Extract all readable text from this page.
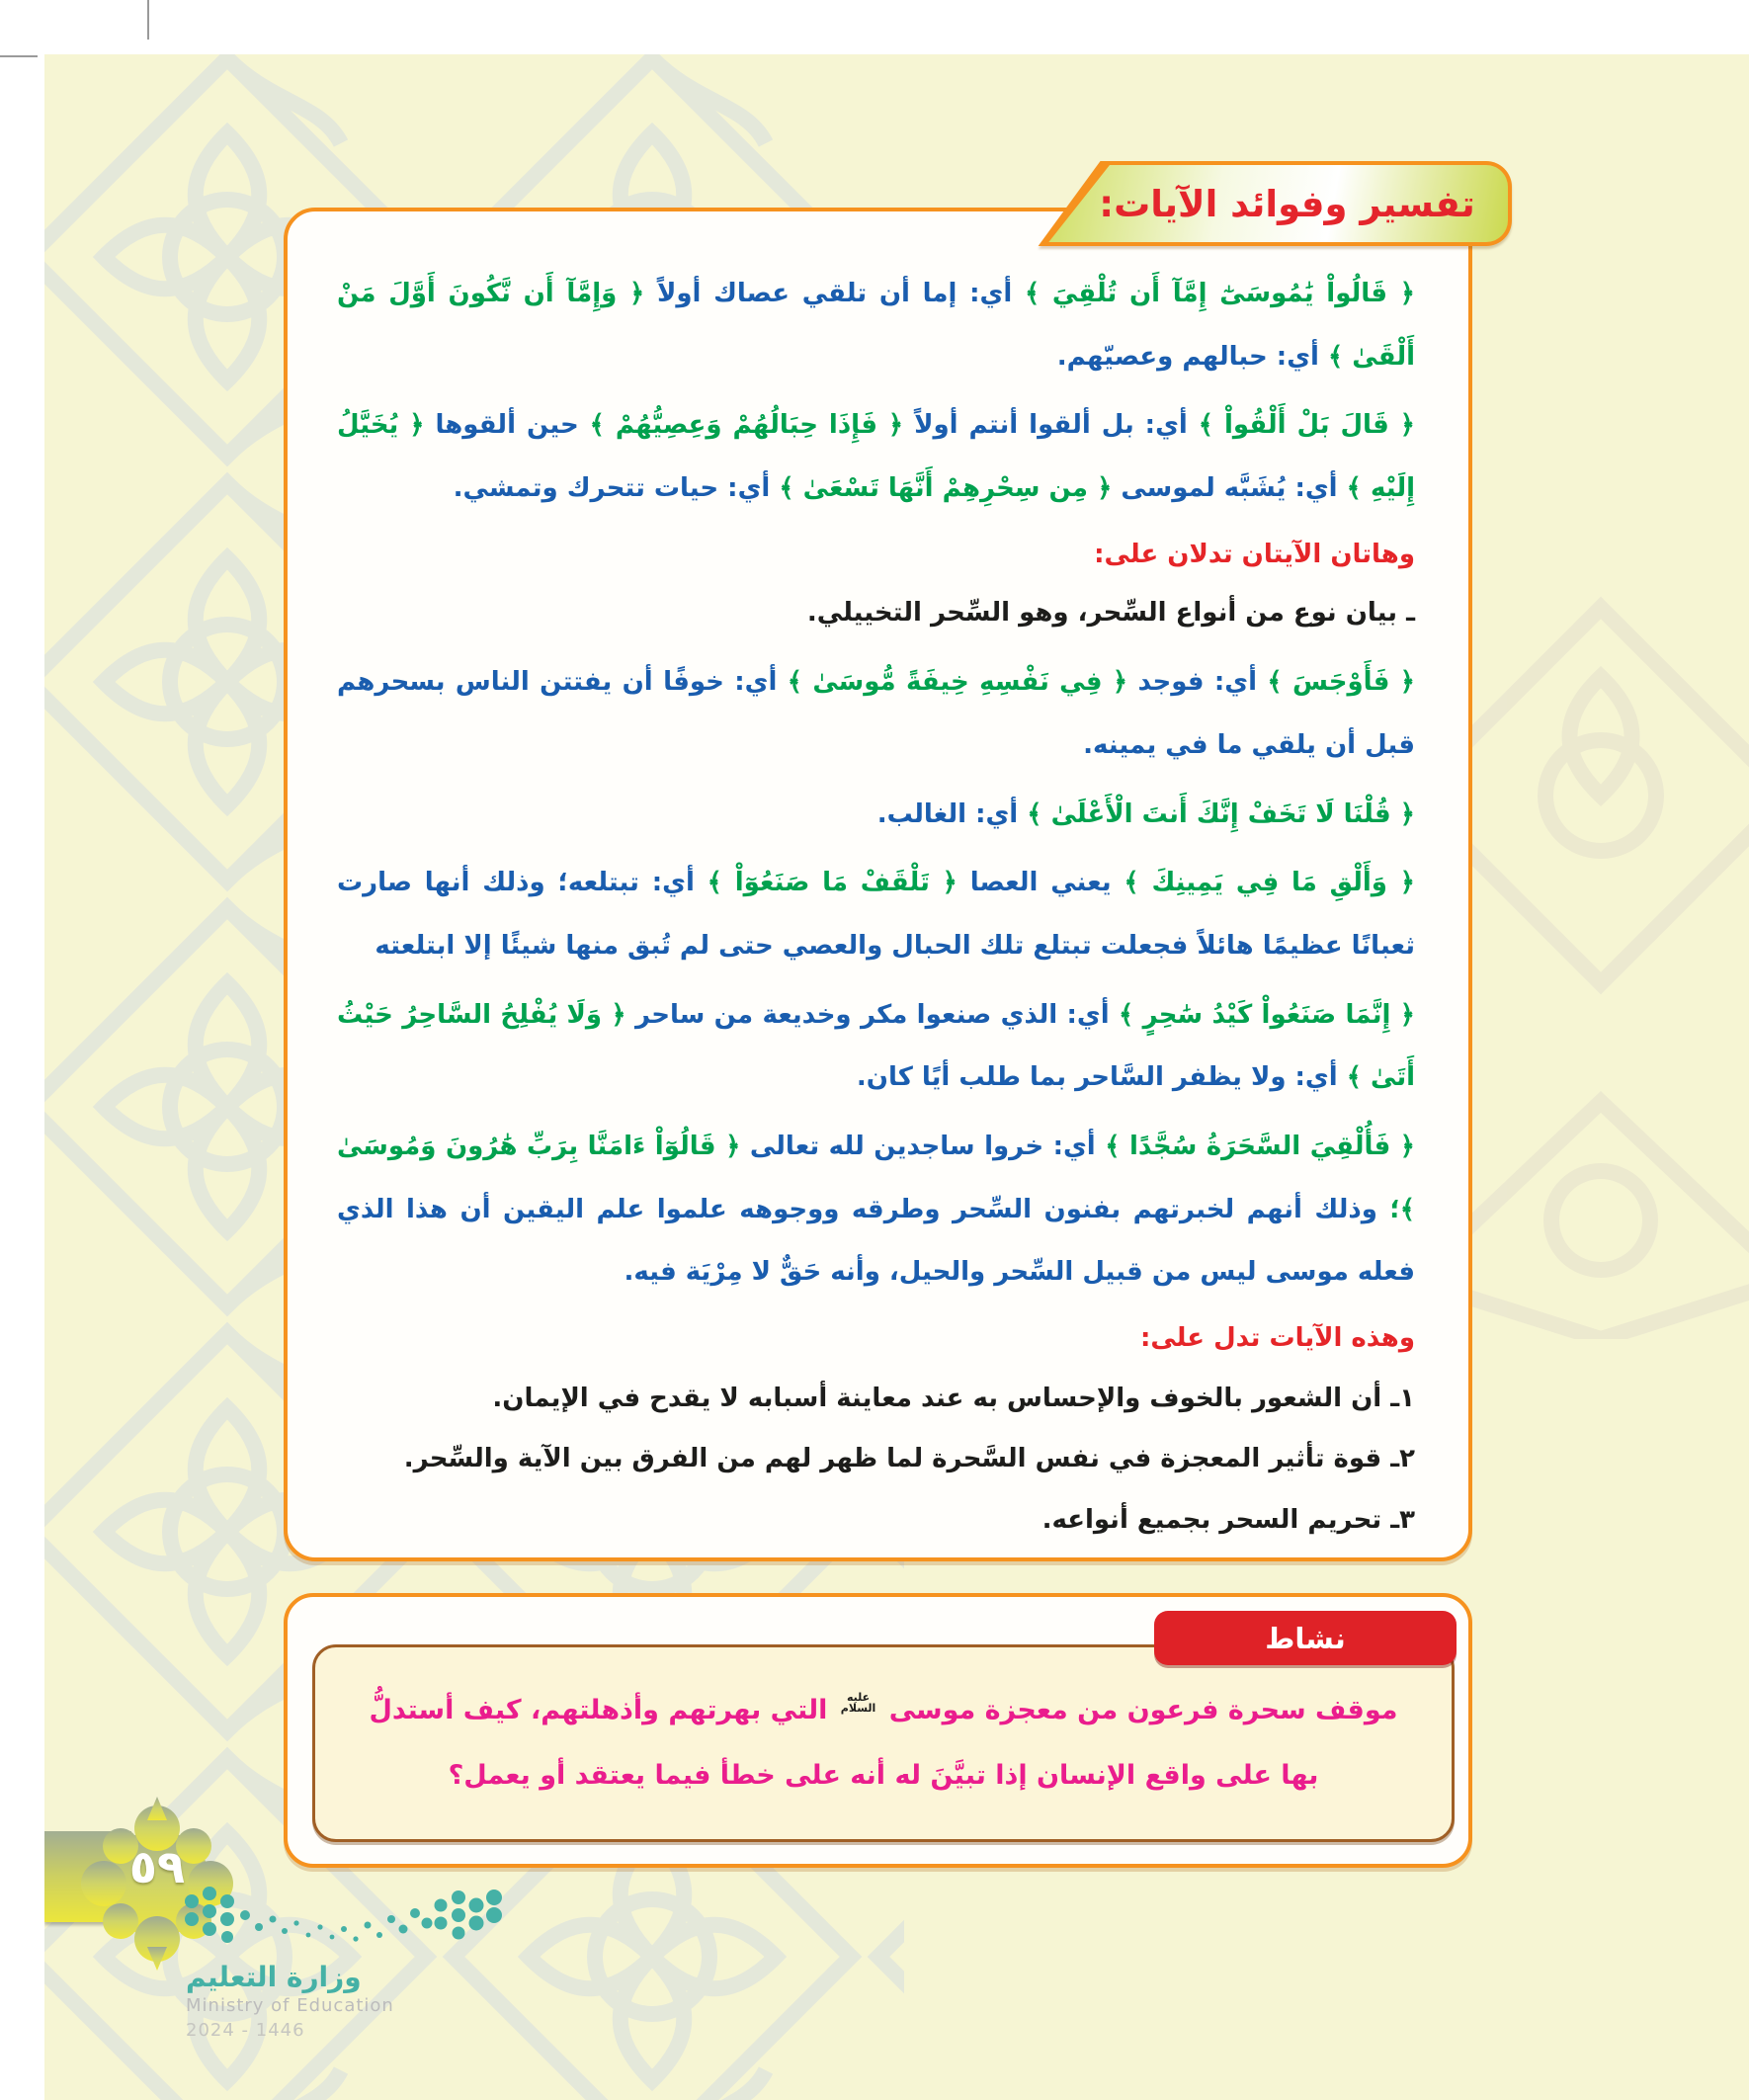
﴿ قَالُواْ يَٰمُوسَىٰٓ إِمَّآ أَن تُلْقِيَ ﴾ أي: إما أن تلقي عصاك أولاً ﴿ وَإِمَّآ أَن نَّكُونَ أَوَّلَ مَنْ أَلْقَىٰ ﴾ أي: حبالهم وعصيّهم.

﴿ قَالَ بَلْ أَلْقُواْ ﴾ أي: بل ألقوا أنتم أولاً ﴿ فَإِذَا حِبَالُهُمْ وَعِصِيُّهُمْ ﴾ حين ألقوها ﴿ يُخَيَّلُ إِلَيْهِ ﴾ أي: يُشَبَّه لموسى ﴿ مِن سِحْرِهِمْ أَنَّهَا تَسْعَىٰ ﴾ أي: حيات تتحرك وتمشي.

وهاتان الآيتان تدلان على:

ـ بيان نوع من أنواع السِّحر، وهو السِّحر التخييلي.

﴿ فَأَوْجَسَ ﴾ أي: فوجد ﴿ فِي نَفْسِهِ خِيفَةً مُّوسَىٰ ﴾ أي: خوفًا أن يفتتن الناس بسحرهم قبل أن يلقي ما في يمينه.

﴿ قُلْنَا لَا تَخَفْ إِنَّكَ أَنتَ الْأَعْلَىٰ ﴾ أي: الغالب.

﴿ وَأَلْقِ مَا فِي يَمِينِكَ ﴾ يعني العصا ﴿ تَلْقَفْ مَا صَنَعُوٓاْ ﴾ أي: تبتلعه؛ وذلك أنها صارت ثعبانًا عظيمًا هائلاً فجعلت تبتلع تلك الحبال والعصي حتى لم تُبق منها شيئًا إلا ابتلعته

﴿ إِنَّمَا صَنَعُواْ كَيْدُ سَٰحِرٍ ﴾ أي: الذي صنعوا مكر وخديعة من ساحر ﴿ وَلَا يُفْلِحُ السَّاحِرُ حَيْثُ أَتَىٰ ﴾ أي: ولا يظفر السَّاحر بما طلب أيًا كان.

﴿ فَأُلْقِيَ السَّحَرَةُ سُجَّدًا ﴾ أي: خروا ساجدين لله تعالى ﴿ قَالُوٓاْ ءَامَنَّا بِرَبِّ هَٰرُونَ وَمُوسَىٰ ﴾؛ وذلك أنهم لخبرتهم بفنون السِّحر وطرقه ووجوهه علموا علم اليقين أن هذا الذي فعله موسى ليس من قبيل السِّحر والحيل، وأنه حَقٌّ لا مِرْيَة فيه.

وهذه الآيات تدل على:

١ـ أن الشعور بالخوف والإحساس به عند معاينة أسبابه لا يقدح في الإيمان.

٢ـ قوة تأثير المعجزة في نفس السَّحرة لما ظهر لهم من الفرق بين الآية والسِّحر.

٣ـ تحريم السحر بجميع أنواعه.

تفسير وفوائد الآيات:

موقف سحرة فرعون من معجزة موسى
عليه
السلام
التي بهرتهم وأذهلتهم، كيف أستدلُّ بها على واقع الإنسان إذا تبيَّنَ له أنه على خطأ فيما يعتقد أو يعمل؟

نشاط
٥٩
وزارة التعليم
Ministry of Education
2024 - 1446
